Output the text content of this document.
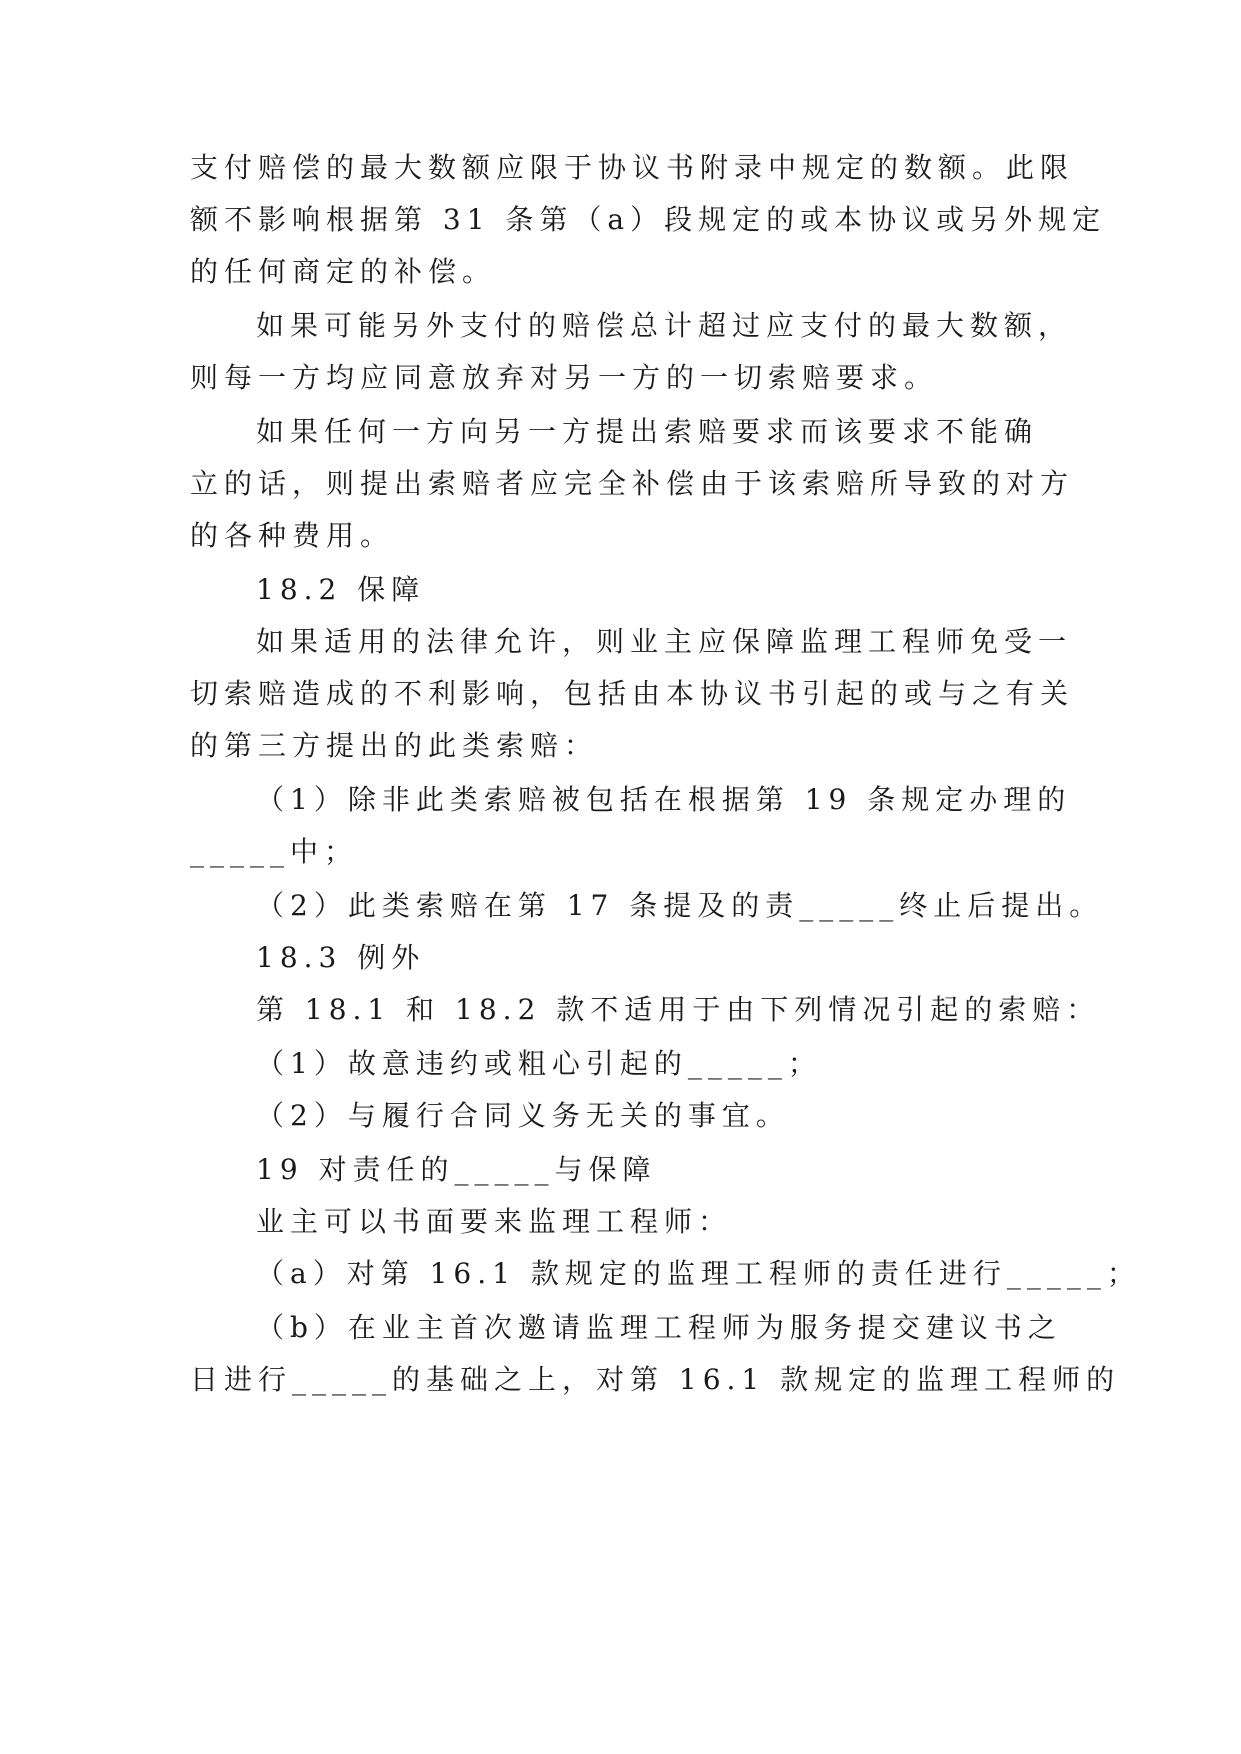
支付赔偿的最大数额应限于协议书附录中规定的数额。此限

额不影响根据第 31 条第（a）段规定的或本协议或另外规定

的任何商定的补偿。

如果可能另外支付的赔偿总计超过应支付的最大数额，

则每一方均应同意放弃对另一方的一切索赔要求。

如果任何一方向另一方提出索赔要求而该要求不能确

立的话，则提出索赔者应完全补偿由于该索赔所导致的对方

的各种费用。

18.2 保障

如果适用的法律允许，则业主应保障监理工程师免受一

切索赔造成的不利影响，包括由本协议书引起的或与之有关

的第三方提出的此类索赔：

（1）除非此类索赔被包括在根据第 19 条规定办理的

_____中；

（2）此类索赔在第 17 条提及的责_____终止后提出。

18.3 例外

第 18.1 和 18.2 款不适用于由下列情况引起的索赔：

（1）故意违约或粗心引起的_____；

（2）与履行合同义务无关的事宜。

19 对责任的_____与保障

业主可以书面要来监理工程师：

（a）对第 16.1 款规定的监理工程师的责任进行_____；

（b）在业主首次邀请监理工程师为服务提交建议书之

日进行_____的基础之上，对第 16.1 款规定的监理工程师的
